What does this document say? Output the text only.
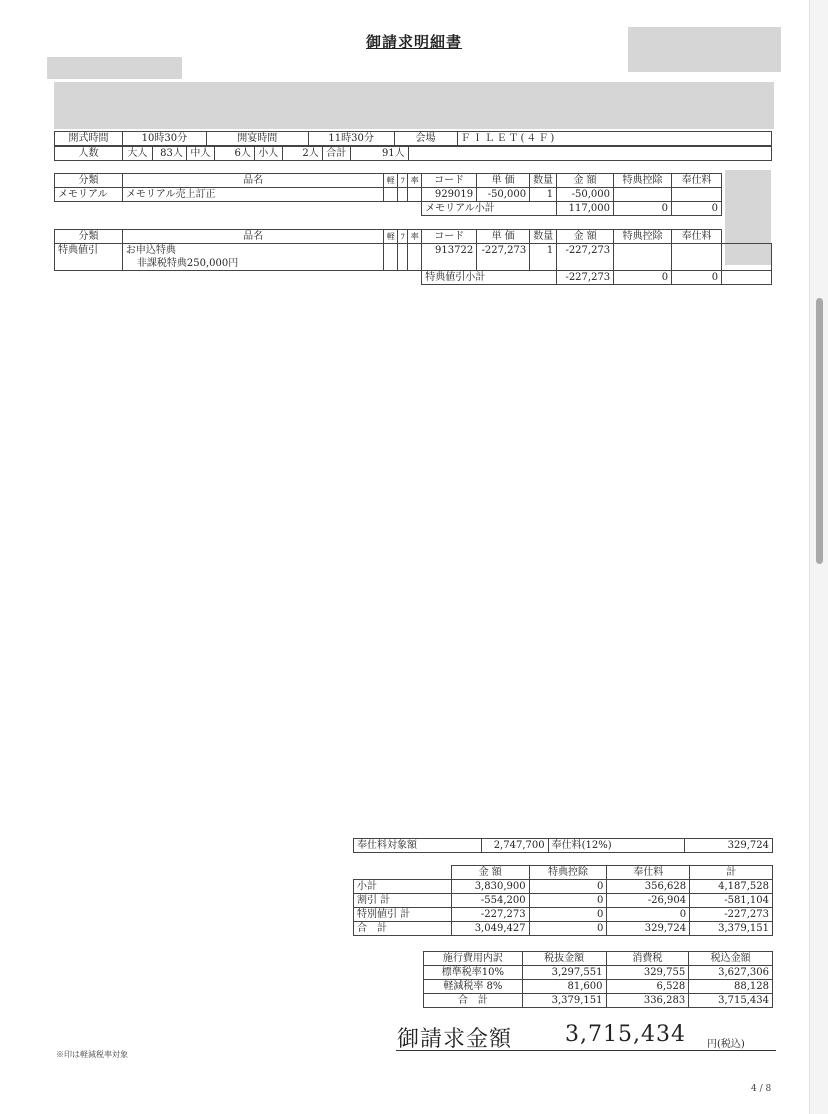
御請求明細書
開式時間	10時30分	開宴時間	11時30分	会場	ＦＩＬＥＴ(４Ｆ)
人数	大人	83人	中人	6人	小人	2人	合計	91人	
分類	品名	軽	ﾌ	率	コード	単 価	数量	金 額	特典控除	奉仕料
メモリアル	メモリアル売上訂正				929019	-50,000	1	-50,000		
					メモリアル小計			117,000	0	0
分類	品名	軽	ﾌ	率	コード	単 価	数量	金 額	特典控除	奉仕料	
特典値引	お申込特典				913722	-227,273	1	-227,273			
	非課税特典250,000円										
					特典値引小計			-227,273	0	0	
奉仕料対象額	2,747,700	奉仕料(12%)	329,724
	金 額	特典控除	奉仕料	計
小計	3,830,900	0	356,628	4,187,528
割引 計	-554,200	0	-26,904	-581,104
特別値引 計	-227,273	0	0	-227,273
合　計	3,049,427	0	329,724	3,379,151
施行費用内訳	税抜金額	消費税	税込金額
標準税率10%	3,297,551	329,755	3,627,306
軽減税率 8%	81,600	6,528	88,128
合　計	3,379,151	336,283	3,715,434
御請求金額 3,715,434 円(税込)
※印は軽減税率対象
4 / 8
